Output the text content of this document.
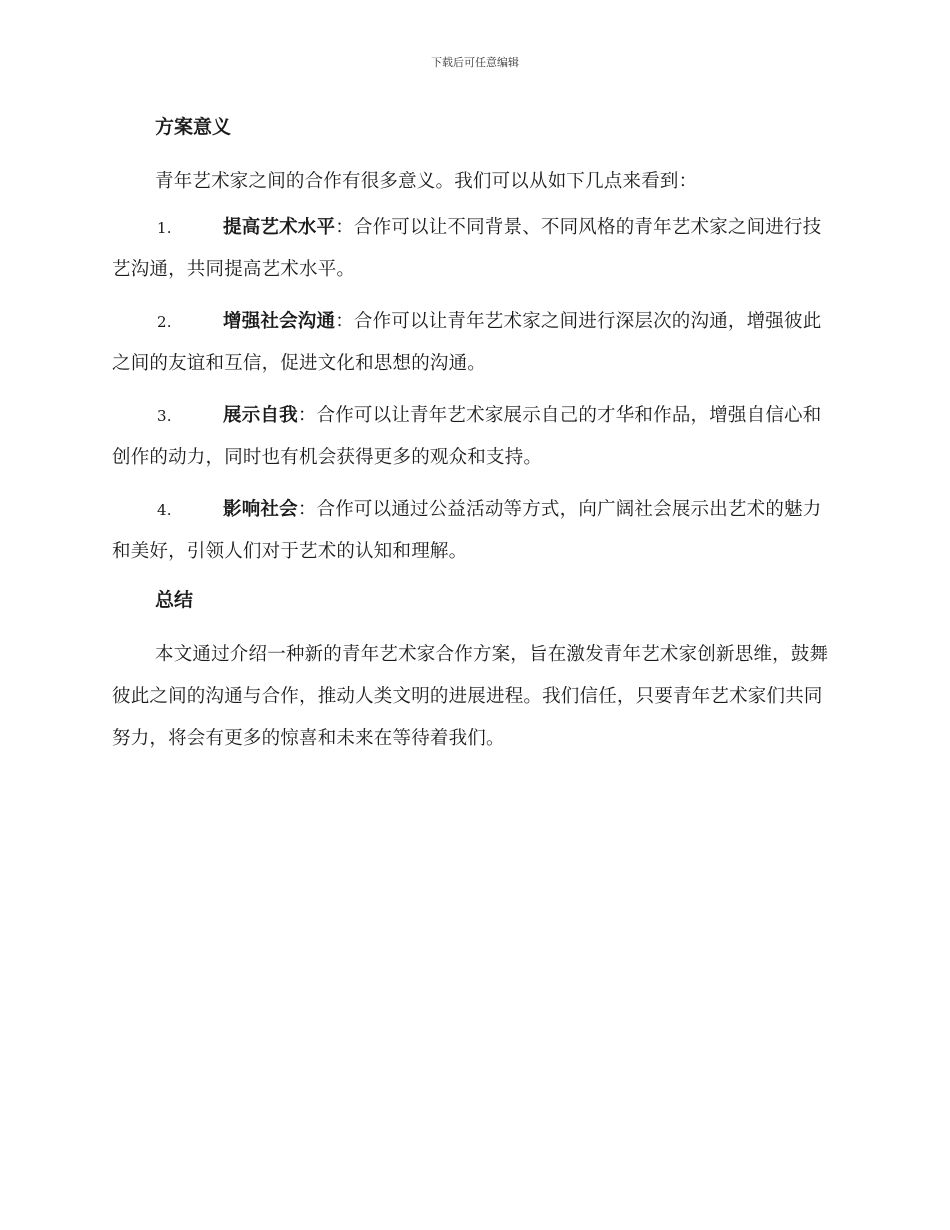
下载后可任意编辑
方案意义

青年艺术家之间的合作有很多意义。我们可以从如下几点来看到：

1.	提高艺术水平：合作可以让不同背景、不同风格的青年艺术家之间进行技艺沟通，共同提高艺术水平。

2.	增强社会沟通：合作可以让青年艺术家之间进行深层次的沟通，增强彼此之间的友谊和互信，促进文化和思想的沟通。

3.	展示自我：合作可以让青年艺术家展示自己的才华和作品，增强自信心和创作的动力，同时也有机会获得更多的观众和支持。

4.	影响社会：合作可以通过公益活动等方式，向广阔社会展示出艺术的魅力和美好，引领人们对于艺术的认知和理解。

总结

本文通过介绍一种新的青年艺术家合作方案，旨在激发青年艺术家创新思维，鼓舞彼此之间的沟通与合作，推动人类文明的进展进程。我们信任，只要青年艺术家们共同努力，将会有更多的惊喜和未来在等待着我们。
